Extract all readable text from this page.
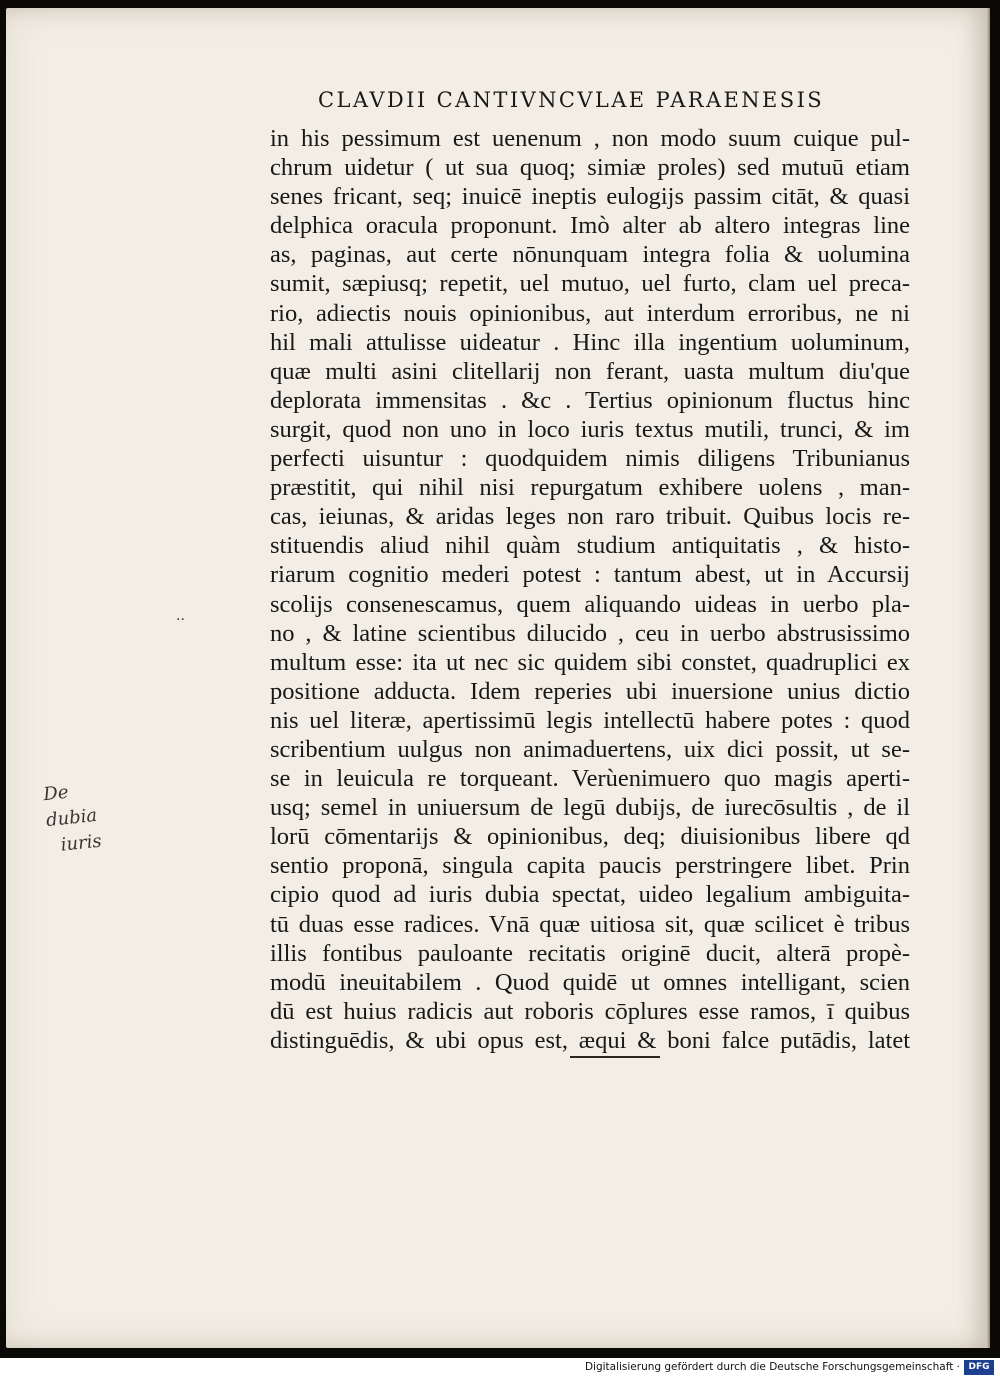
CLAVDII CANTIVNCVLAE PARAENESIS
in his pessimum est uenenum , non modo suum cuique pul-
chrum uidetur ( ut sua quoq; simiæ proles) sed mutuū etiam
senes fricant, seq; inuicē ineptis eulogijs passim citāt, & quasi
delphica oracula proponunt. Imò alter ab altero integras line
as, paginas, aut certe nōnunquam integra folia & uolumina
sumit, sæpiusq; repetit, uel mutuo, uel furto, clam uel preca-
rio, adiectis nouis opinionibus, aut interdum erroribus, ne ni
hil mali attulisse uideatur . Hinc illa ingentium uoluminum,
quæ multi asini clitellarij non ferant, uasta multum diu'que
deplorata immensitas . &c . Tertius opinionum fluctus hinc
surgit, quod non uno in loco iuris textus mutili, trunci, & im
perfecti uisuntur : quodquidem nimis diligens Tribunianus
præstitit, qui nihil nisi repurgatum exhibere uolens , man-
cas, ieiunas, & aridas leges non raro tribuit. Quibus locis re-
stituendis aliud nihil quàm studium antiquitatis , & histo-
riarum cognitio mederi potest : tantum abest, ut in Accursij
scolijs consenescamus, quem aliquando uideas in uerbo pla-
no , & latine scientibus dilucido , ceu in uerbo abstrusissimo
multum esse: ita ut nec sic quidem sibi constet, quadruplici ex
positione adducta. Idem reperies ubi inuersione unius dictio
nis uel literæ, apertissimū legis intellectū habere potes : quod
scribentium uulgus non animaduertens, uix dici possit, ut se-
se in leuicula re torqueant. Verùenimuero quo magis aperti-
usq; semel in uniuersum de legū dubijs, de iurecōsultis , de il
lorū cōmentarijs & opinionibus, deq; diuisionibus libere qd
sentio proponā, singula capita paucis perstringere libet. Prin
cipio quod ad iuris dubia spectat, uideo legalium ambiguita-
tū duas esse radices. Vnā quæ uitiosa sit, quæ scilicet è tribus
illis fontibus pauloante recitatis originē ducit, alterā propè-
modū ineuitabilem . Quod quidē ut omnes intelligant, scien
dū est huius radicis aut roboris cōplures esse ramos, ī quibus
distinguēdis, & ubi opus est, æqui & boni falce putādis, latet
De dubia
iuris
··
Digitalisierung gefördert durch die Deutsche Forschungsgemeinschaft · DFG
